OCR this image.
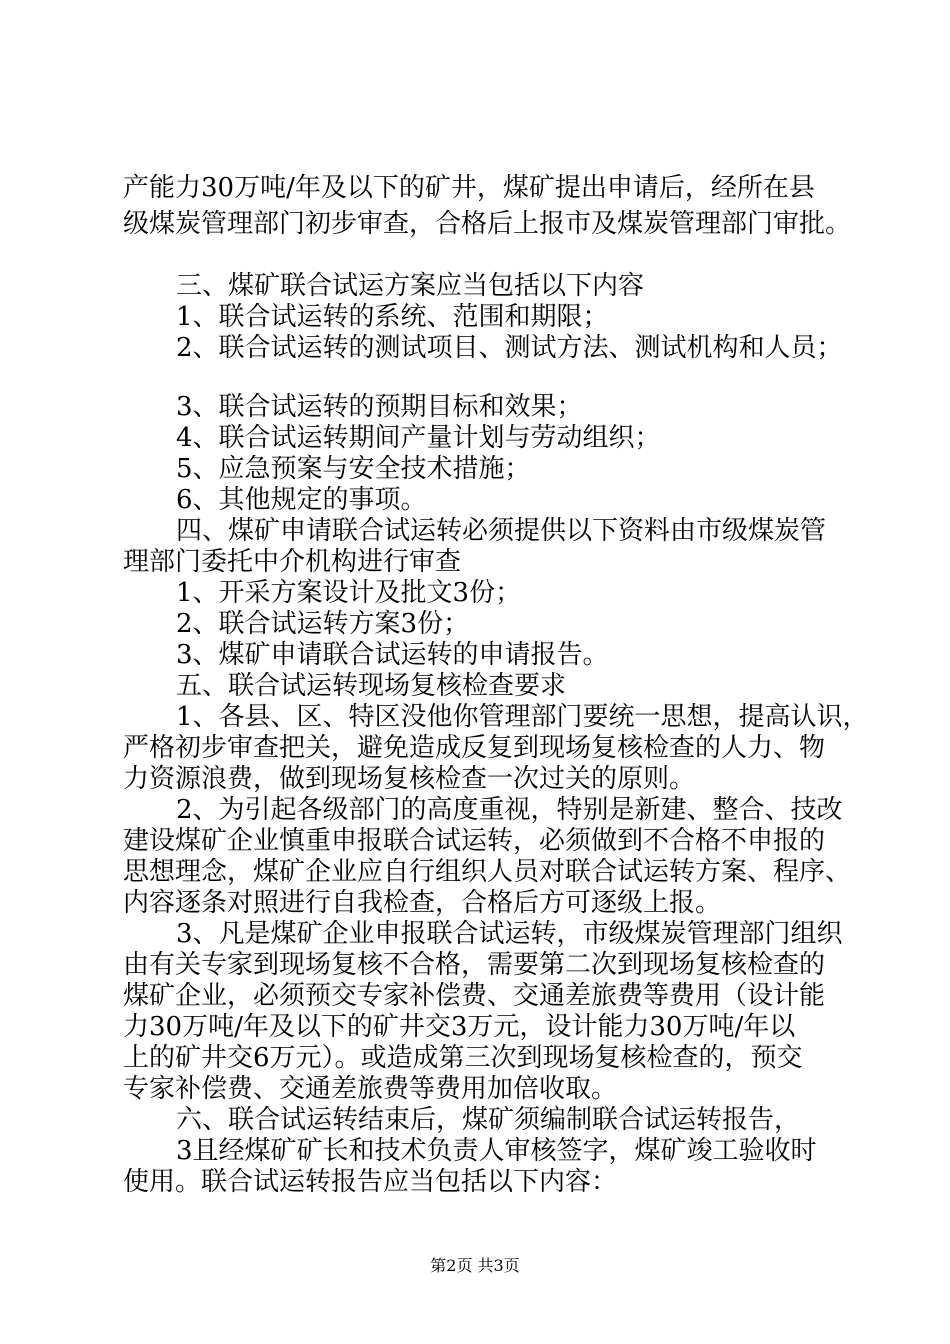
产能力30万吨/年及以下的矿井，煤矿提出申请后，经所在县
级煤炭管理部门初步审查，合格后上报市及煤炭管理部门审批。
三、煤矿联合试运方案应当包括以下内容
1、联合试运转的系统、范围和期限；
2、联合试运转的测试项目、测试方法、测试机构和人员；
3、联合试运转的预期目标和效果；
4、联合试运转期间产量计划与劳动组织；
5、应急预案与安全技术措施；
6、其他规定的事项。
四、煤矿申请联合试运转必须提供以下资料由市级煤炭管
理部门委托中介机构进行审查
1、开采方案设计及批文3份；
2、联合试运转方案3份；
3、煤矿申请联合试运转的申请报告。
五、联合试运转现场复核检查要求
1、各县、区、特区没他你管理部门要统一思想，提高认识，
严格初步审查把关，避免造成反复到现场复核检查的人力、物
力资源浪费，做到现场复核检查一次过关的原则。
2、为引起各级部门的高度重视，特别是新建、整合、技改
建设煤矿企业慎重申报联合试运转，必须做到不合格不申报的
思想理念，煤矿企业应自行组织人员对联合试运转方案、程序、
内容逐条对照进行自我检查，合格后方可逐级上报。
3、凡是煤矿企业申报联合试运转，市级煤炭管理部门组织
由有关专家到现场复核不合格，需要第二次到现场复核检查的
煤矿企业，必须预交专家补偿费、交通差旅费等费用（设计能
力30万吨/年及以下的矿井交3万元，设计能力30万吨/年以
上的矿井交6万元）。或造成第三次到现场复核检查的，预交
专家补偿费、交通差旅费等费用加倍收取。
六、联合试运转结束后，煤矿须编制联合试运转报告，
3且经煤矿矿长和技术负责人审核签字，煤矿竣工验收时
使用。联合试运转报告应当包括以下内容：
第2页 共3页
